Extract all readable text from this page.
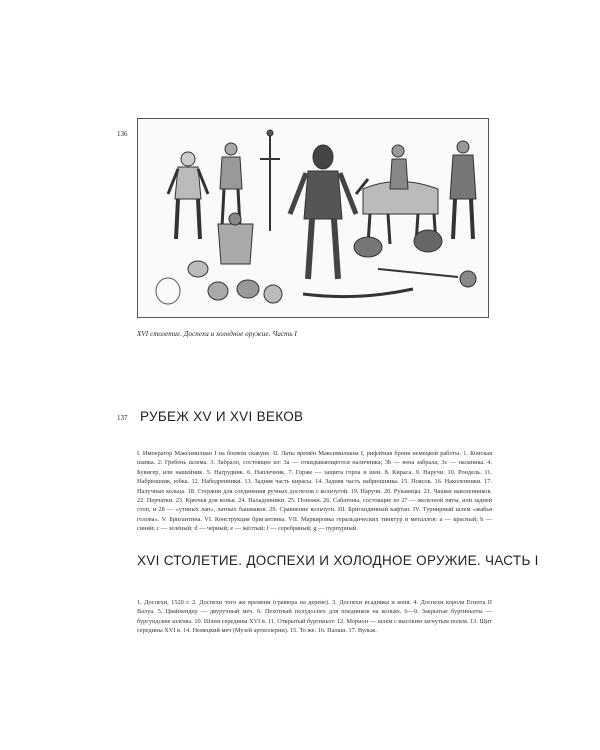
136
XVI столетие. Доспехи и холодное оружие. Часть I
137 РУБЕЖ XV И XVI ВЕКОВ
I. Император Максимилиан I на боевом скакуне. II. Латы времён Максимилиана I, рифлёная броня немецкой работы. 1. Конская шапка. 2. Гребень шлема. 3. Забрало, состоящее из: 3а — откидывающегося наличника; 3b — вена забрала; 3c — наланика. 4. Бувигер, или нашейник. 5. Нагрудник. 6. Наплечник. 7. Горже — защита горла и шеи. 8. Кираса. 9. Наручи. 10. Рондель. 11. Набрюшник, юбка. 12. Набедренники. 13. Задняя часть кирасы. 14. Задняя часть набрюшника. 15. Поясок. 16. Наколенники. 17. Налучные кольца. 18. Стержни для соединения ручных доспехов с кольчугой. 19. Наручи. 20. Рукавицы. 21. Чашки наколенников. 22. Перчатки. 23. Крючья для копья. 24. Наладонники. 25. Поножи. 26. Сабатоны, состоящие из 27 — железной пяты, или задней стоп, и 28 — «утиных лап», латных башмаков. 29. Сравнение кольчуги. III. Бригандинный кафтан. IV. Турнирный шлем «жабья голова». V. Бригантина. VI. Конструкция бригантины. VII. Маркировка геральдических тинктур и металлов: a — красный; b — синий; c — зелёный; d — чёрный; e — жёлтый; f — серебряный; g — пурпурный.
XVI СТОЛЕТИЕ. ДОСПЕХИ И ХОЛОДНОЕ ОРУЖИЕ. ЧАСТЬ I
1. Доспехи, 1520 г. 2. Доспехи того же времени (гравюра на дереве). 3. Доспехи всадника и коня. 4. Доспехи короля Египта II Валуа. 5. Цвайхендер — двуручный меч. 6. Пехотный полудоспех для поединков на копьях. 6—9. Закрытые бургиньоты — бургундские шлемы. 10. Шлем середины XVI в. 11. Открытый бургиньот. 12. Морион — шлем с высоким загнутым полем. 13. Щит середины XVI в. 14. Немецкий меч (Музей артиллерии). 15. То же. 16. Палаш. 17. Вульж.
